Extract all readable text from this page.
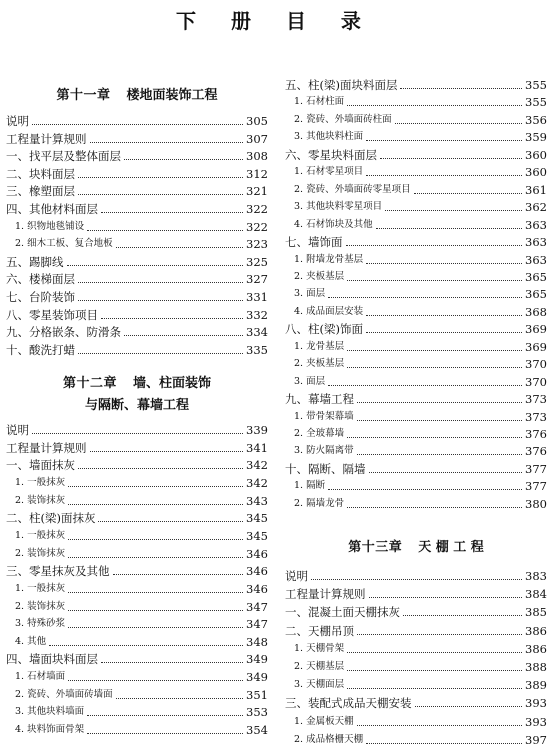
下 册 目 录
第十一章 楼地面装饰工程
说明	305
工程量计算规则	307
一、找平层及整体面层	308
二、块料面层	312
三、橡塑面层	321
四、其他材料面层	322
1. 织物地毯铺设	322
2. 细木工板、复合地板	323
五、踢脚线	325
六、楼梯面层	327
七、台阶装饰	331
八、零星装饰项目	332
九、分格嵌条、防滑条	334
十、酸洗打蜡	335
第十二章 墙、柱面装饰
与隔断、幕墙工程
说明	339
工程量计算规则	341
一、墙面抹灰	342
1. 一般抹灰	342
2. 装饰抹灰	343
二、柱(梁)面抹灰	345
1. 一般抹灰	345
2. 装饰抹灰	346
三、零星抹灰及其他	346
1. 一般抹灰	346
2. 装饰抹灰	347
3. 特殊砂浆	347
4. 其他	348
四、墙面块料面层	349
1. 石材墙面	349
2. 瓷砖、外墙面砖墙面	351
3. 其他块料墙面	353
4. 块料饰面骨架	354
五、柱(梁)面块料面层	355
1. 石材柱面	355
2. 瓷砖、外墙面砖柱面	356
3. 其他块料柱面	359
六、零星块料面层	360
1. 石材零星项目	360
2. 瓷砖、外墙面砖零星项目	361
3. 其他块料零星项目	362
4. 石材饰块及其他	363
七、墙饰面	363
1. 附墙龙骨基层	363
2. 夹板基层	365
3. 面层	365
4. 成品面层安装	368
八、柱(梁)饰面	369
1. 龙骨基层	369
2. 夹板基层	370
3. 面层	370
九、幕墙工程	373
1. 带骨架幕墙	373
2. 全玻幕墙	376
3. 防火隔离带	376
十、隔断、隔墙	377
1. 隔断	377
2. 隔墙龙骨	380
第十三章 天 棚 工 程
说明	383
工程量计算规则	384
一、混凝土面天棚抹灰	385
二、天棚吊顶	386
1. 天棚骨架	386
2. 天棚基层	388
3. 天棚面层	389
三、装配式成品天棚安装	393
1. 金属板天棚	393
2. 成品格栅天棚	397
